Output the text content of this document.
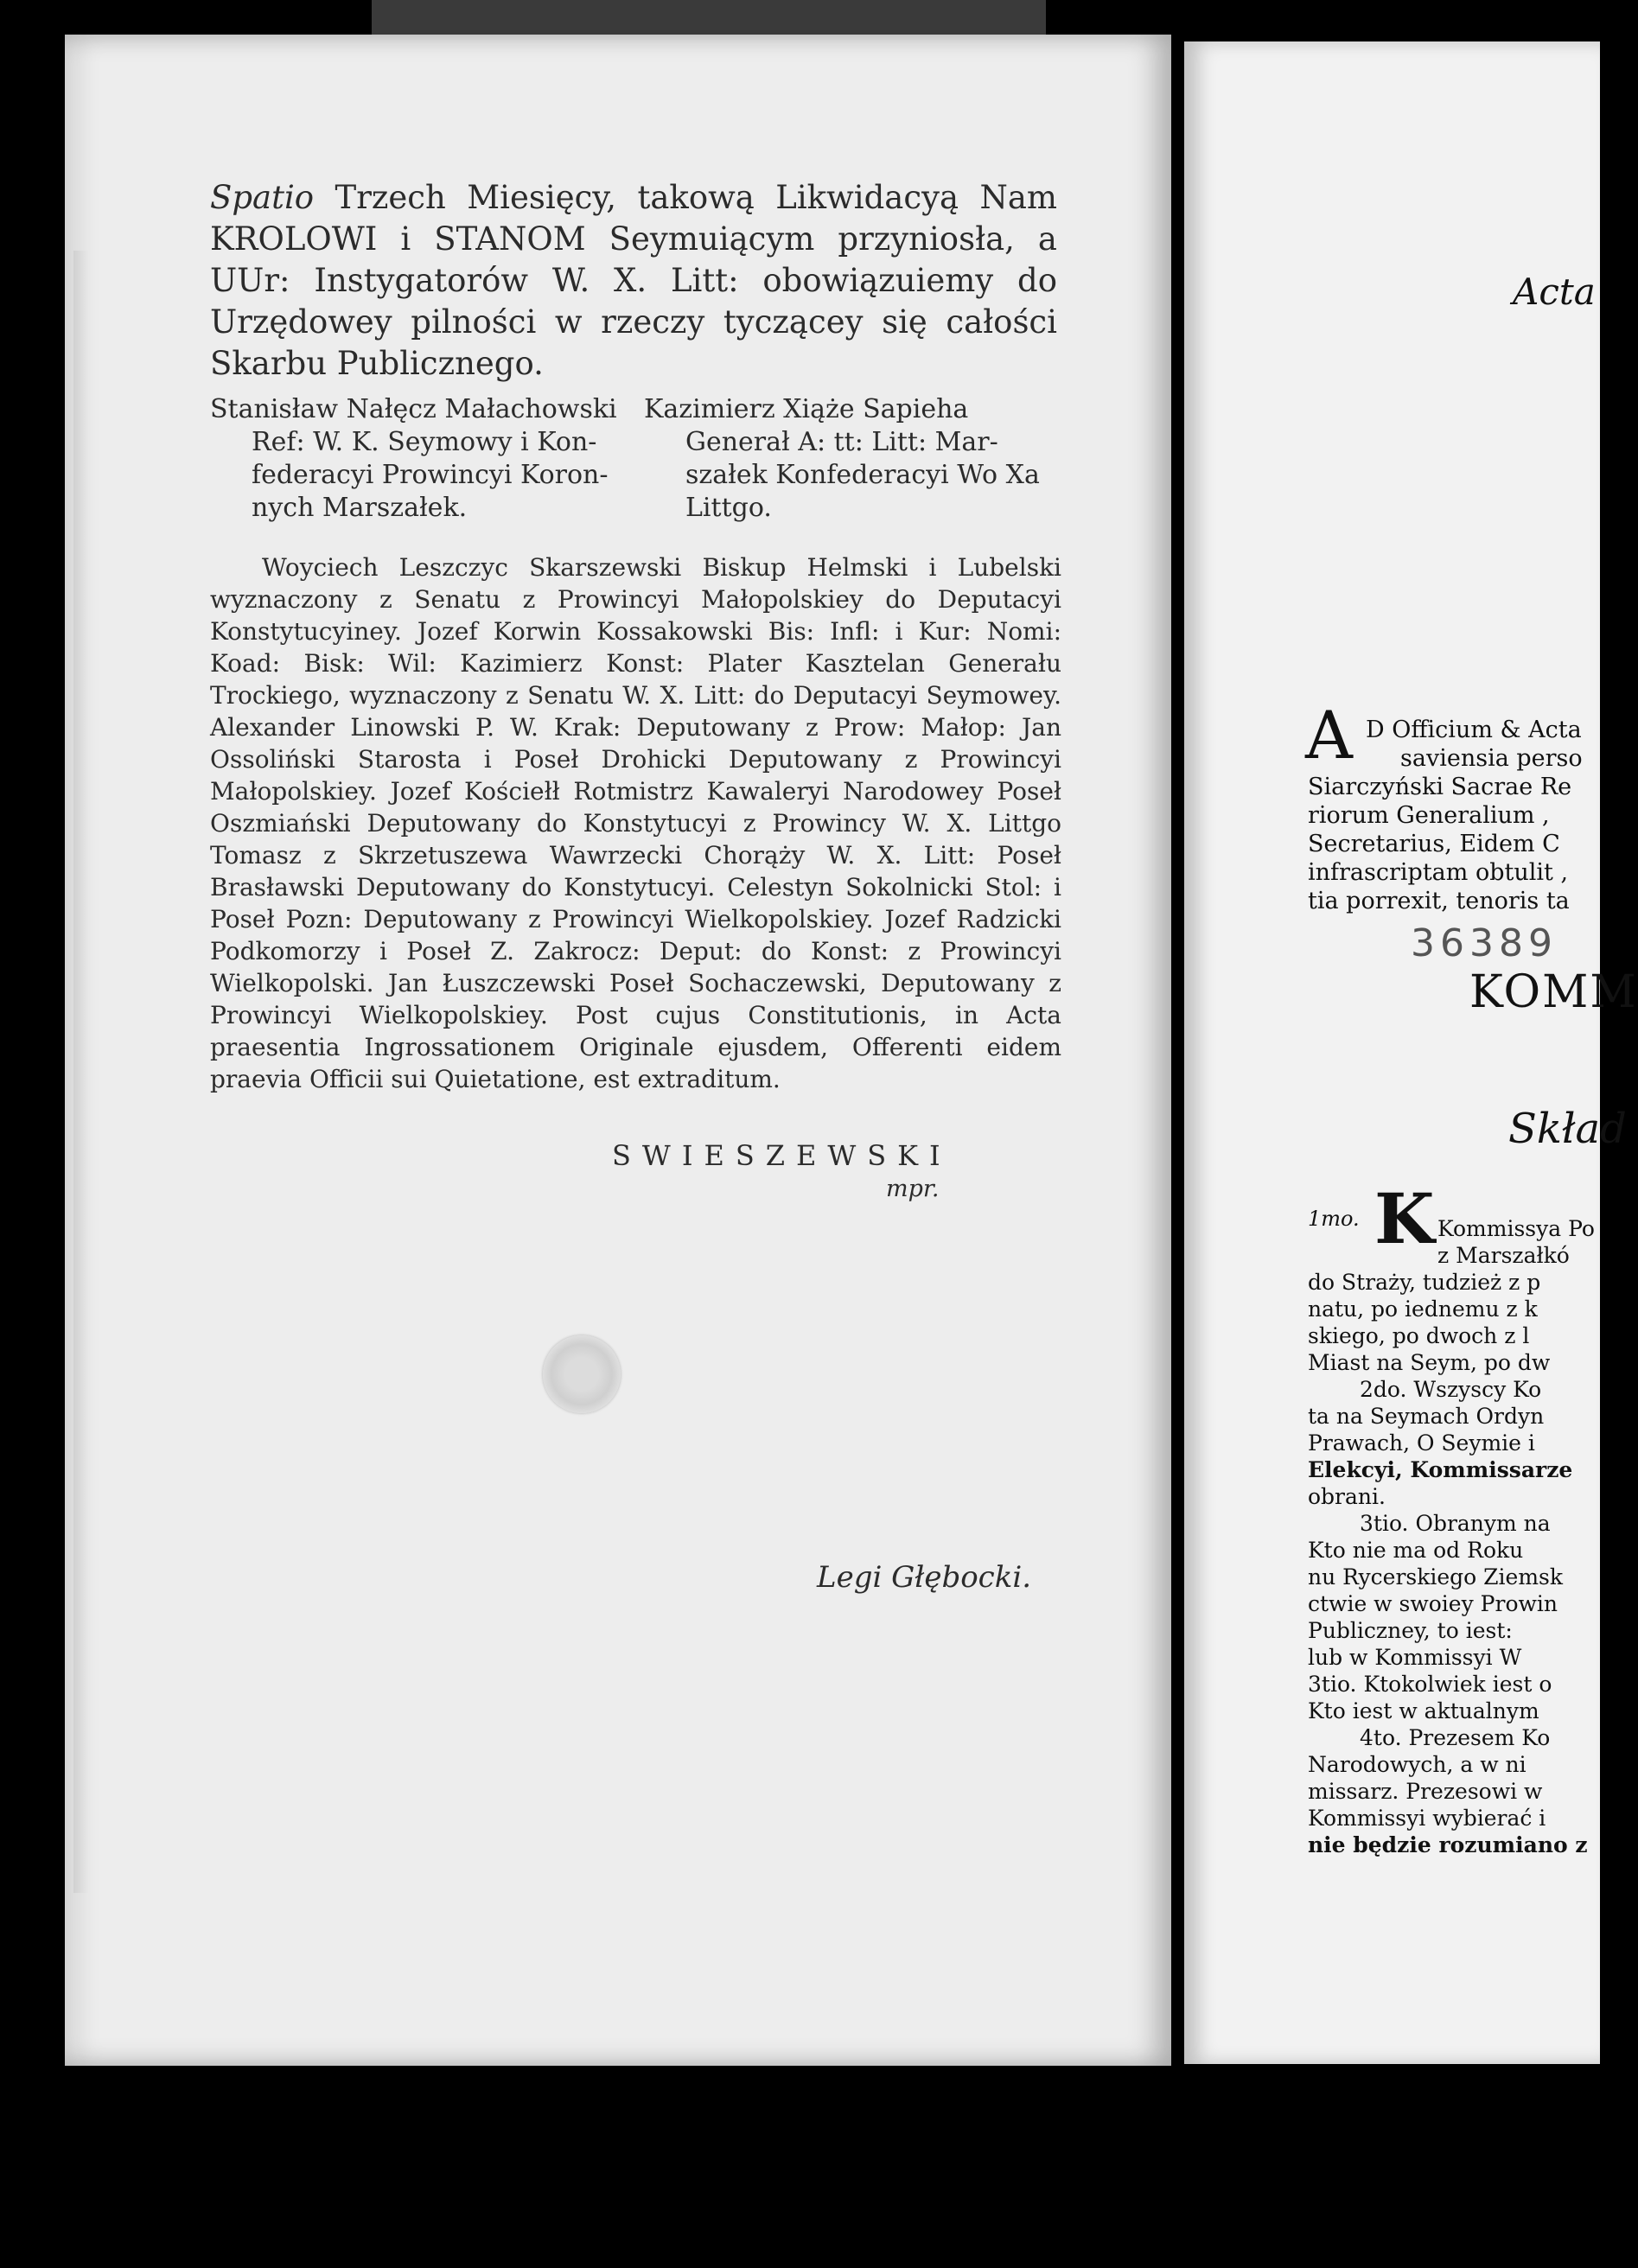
Spatio Trzech Miesięcy, takową Likwidacyą Nam KROLOWI i STANOM Seymuiącym przyniosła, a UUr: Instygatorów W. X. Litt: obowiązuiemy do Urzędowey pilności w rzeczy tyczącey się całości Skarbu Publicznego.
Stanisław Nałęcz Małachowski
Ref: W. K. Seymowy i Kon-
federacyi Prowincyi Koron-
nych Marszałek.
Kazimierz Xiąże Sapieha
Generał A: tt: Litt: Mar-
szałek Konfederacyi Wo Xa
Littgo.
Woyciech Leszczyc Skarszewski Biskup Helmski i Lubelski wyznaczony z Senatu z Prowincyi Małopolskiey do Deputacyi Konstytucyiney. Jozef Korwin Kossakowski Bis: Infl: i Kur: Nomi: Koad: Bisk: Wil: Kazimierz Konst: Plater Kasztelan Generału Trockiego, wyznaczony z Senatu W. X. Litt: do Deputacyi Seymowey. Alexander Linowski P. W. Krak: Deputowany z Prow: Małop: Jan Ossoliński Starosta i Poseł Drohicki Deputowany z Prowincyi Małopolskiey. Jozef Kościełł Rotmistrz Kawaleryi Narodowey Poseł Oszmiański Deputowany do Konstytucyi z Prowincy W. X. Littgo Tomasz z Skrzetuszewa Wawrzecki Chorąży W. X. Litt: Poseł Brasławski Deputowany do Konstytucyi. Celestyn Sokolnicki Stol: i Poseł Pozn: Deputowany z Prowincyi Wielkopolskiey. Jozef Radzicki Podkomorzy i Poseł Z. Zakrocz: Deput: do Konst: z Prowincyi Wielkopolski. Jan Łuszczewski Poseł Sochaczewski, Deputowany z Prowincyi Wielkopolskiey. Post cujus Constitutionis, in Acta praesentia Ingrossationem Originale ejusdem, Offerenti eidem praevia Officii sui Quietatione, est extraditum.
SWIESZEWSKI
mpr.
Legi Głębocki.
Acta
A D Officium & Acta
saviensia perso
Siarczyński Sacrae Re
riorum Generalium ,
Secretarius, Eidem C
infrascriptam obtulit ,
tia porrexit, tenoris ta
KOMM
Skład
1mo. K Kommissya Po
z Marszałkó
do Straży, tudzież z p
natu, po iednemu z k
skiego, po dwoch z l
Miast na Seym, po dw
2do. Wszyscy Ko
ta na Seymach Ordyn
Prawach, O Seymie i
Elekcyi, Kommissarze
obrani.
3tio. Obranym na
Kto nie ma od Roku
nu Rycerskiego Ziemsk
ctwie w swoiey Prowin
Publiczney, to iest:
lub w Kommissyi W
3tio. Ktokolwiek iest o
Kto iest w aktualnym
4to. Prezesem Ko
Narodowych, a w ni
missarz. Prezesowi w
Kommissyi wybierać i
nie będzie rozumiano z
36389
